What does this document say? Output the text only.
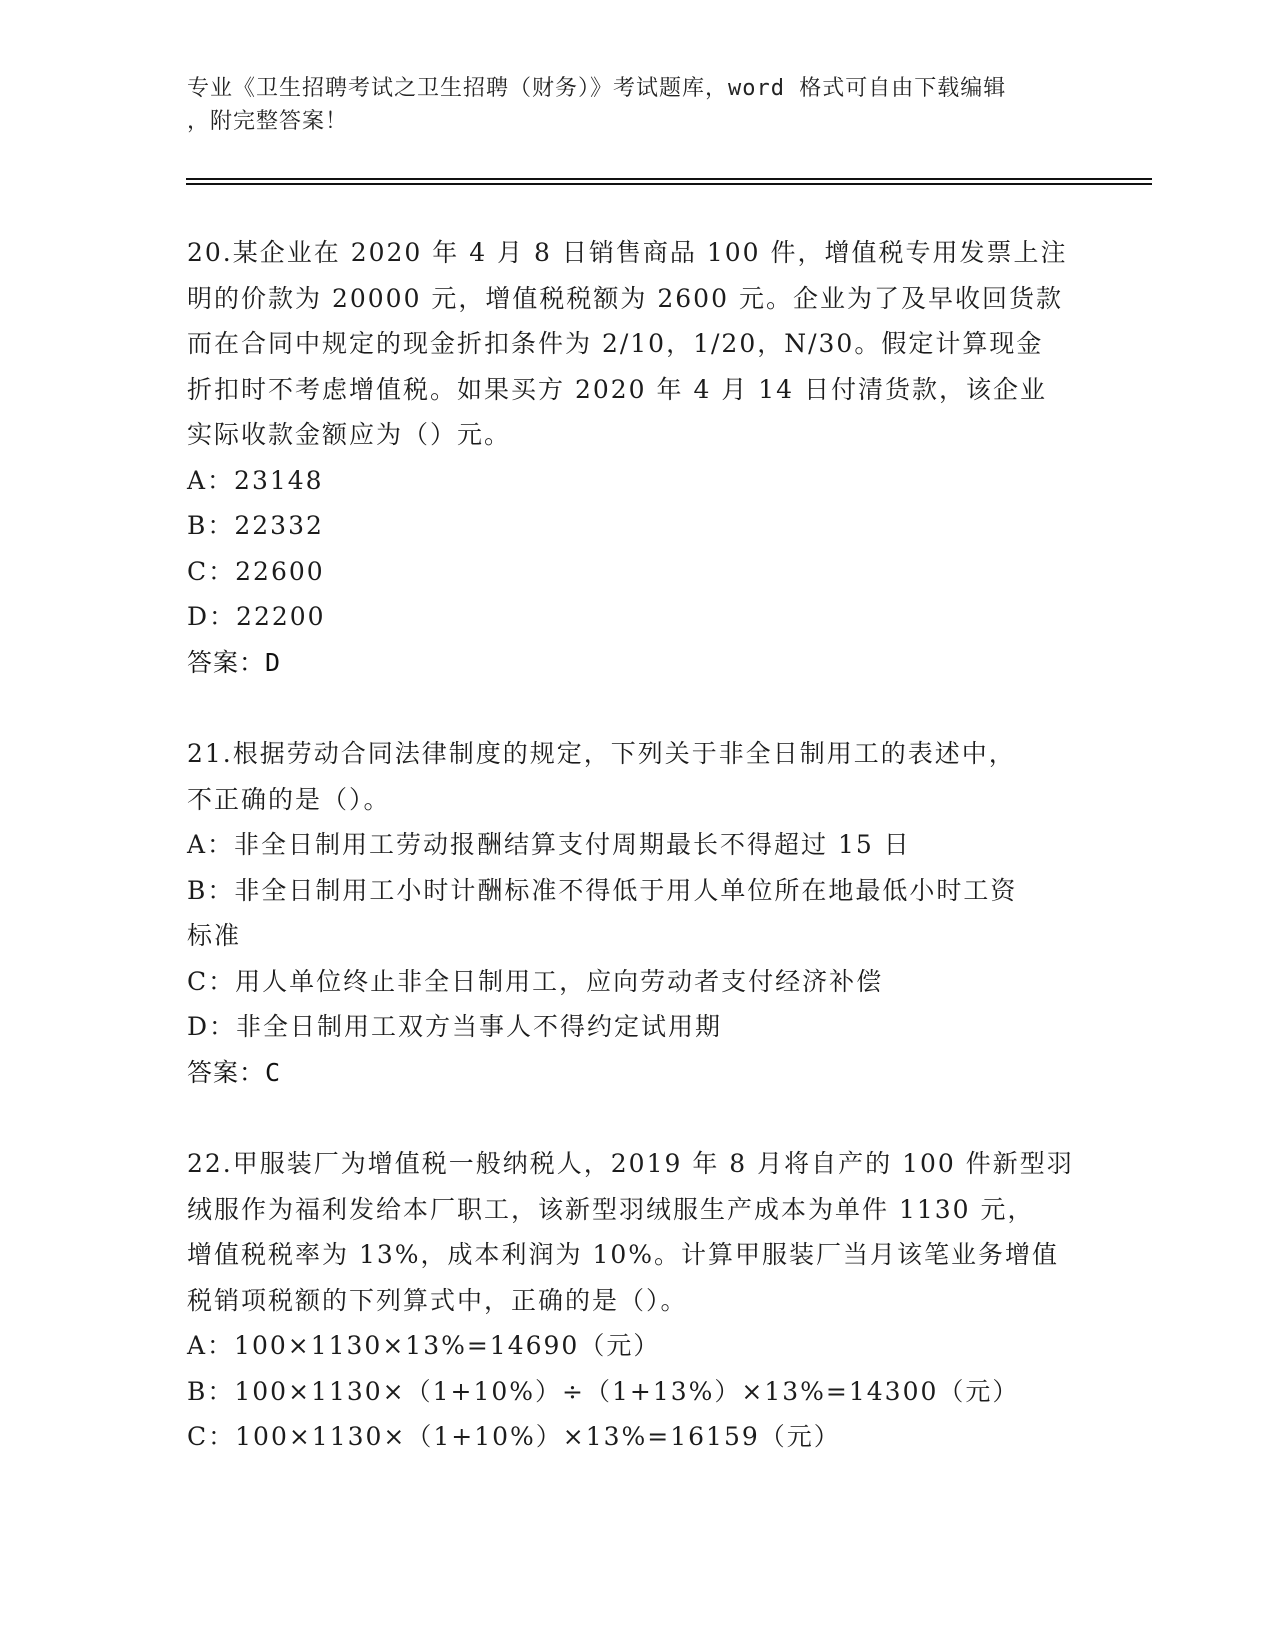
专业《卫生招聘考试之卫生招聘（财务）》考试题库，word 格式可自由下载编辑
，附完整答案！
20.某企业在 2020 年 4 月 8 日销售商品 100 件，增值税专用发票上注
明的价款为 20000 元，增值税税额为 2600 元。企业为了及早收回货款
而在合同中规定的现金折扣条件为 2/10，1/20，N/30。假定计算现金
折扣时不考虑增值税。如果买方 2020 年 4 月 14 日付清货款，该企业
实际收款金额应为（）元。
A：23148
B：22332
C：22600
D：22200
答案：D
21.根据劳动合同法律制度的规定，下列关于非全日制用工的表述中，
不正确的是（）。
A：非全日制用工劳动报酬结算支付周期最长不得超过 15 日
B：非全日制用工小时计酬标准不得低于用人单位所在地最低小时工资
标准
C：用人单位终止非全日制用工，应向劳动者支付经济补偿
D：非全日制用工双方当事人不得约定试用期
答案：C
22.甲服装厂为增值税一般纳税人，2019 年 8 月将自产的 100 件新型羽
绒服作为福利发给本厂职工，该新型羽绒服生产成本为单件 1130 元，
增值税税率为 13%，成本利润为 10%。计算甲服装厂当月该笔业务增值
税销项税额的下列算式中，正确的是（）。
A：100×1130×13%=14690（元）
B：100×1130×（1+10%）÷（1+13%）×13%=14300（元）
C：100×1130×（1+10%）×13%=16159（元）
